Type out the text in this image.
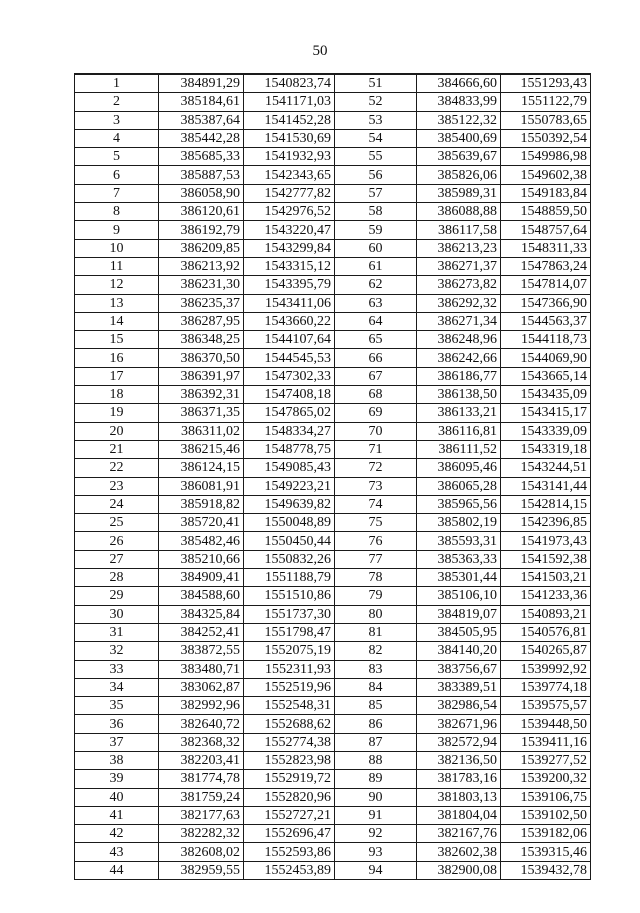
50
1	384891,29	1540823,74	51	384666,60	1551293,43
2	385184,61	1541171,03	52	384833,99	1551122,79
3	385387,64	1541452,28	53	385122,32	1550783,65
4	385442,28	1541530,69	54	385400,69	1550392,54
5	385685,33	1541932,93	55	385639,67	1549986,98
6	385887,53	1542343,65	56	385826,06	1549602,38
7	386058,90	1542777,82	57	385989,31	1549183,84
8	386120,61	1542976,52	58	386088,88	1548859,50
9	386192,79	1543220,47	59	386117,58	1548757,64
10	386209,85	1543299,84	60	386213,23	1548311,33
11	386213,92	1543315,12	61	386271,37	1547863,24
12	386231,30	1543395,79	62	386273,82	1547814,07
13	386235,37	1543411,06	63	386292,32	1547366,90
14	386287,95	1543660,22	64	386271,34	1544563,37
15	386348,25	1544107,64	65	386248,96	1544118,73
16	386370,50	1544545,53	66	386242,66	1544069,90
17	386391,97	1547302,33	67	386186,77	1543665,14
18	386392,31	1547408,18	68	386138,50	1543435,09
19	386371,35	1547865,02	69	386133,21	1543415,17
20	386311,02	1548334,27	70	386116,81	1543339,09
21	386215,46	1548778,75	71	386111,52	1543319,18
22	386124,15	1549085,43	72	386095,46	1543244,51
23	386081,91	1549223,21	73	386065,28	1543141,44
24	385918,82	1549639,82	74	385965,56	1542814,15
25	385720,41	1550048,89	75	385802,19	1542396,85
26	385482,46	1550450,44	76	385593,31	1541973,43
27	385210,66	1550832,26	77	385363,33	1541592,38
28	384909,41	1551188,79	78	385301,44	1541503,21
29	384588,60	1551510,86	79	385106,10	1541233,36
30	384325,84	1551737,30	80	384819,07	1540893,21
31	384252,41	1551798,47	81	384505,95	1540576,81
32	383872,55	1552075,19	82	384140,20	1540265,87
33	383480,71	1552311,93	83	383756,67	1539992,92
34	383062,87	1552519,96	84	383389,51	1539774,18
35	382992,96	1552548,31	85	382986,54	1539575,57
36	382640,72	1552688,62	86	382671,96	1539448,50
37	382368,32	1552774,38	87	382572,94	1539411,16
38	382203,41	1552823,98	88	382136,50	1539277,52
39	381774,78	1552919,72	89	381783,16	1539200,32
40	381759,24	1552820,96	90	381803,13	1539106,75
41	382177,63	1552727,21	91	381804,04	1539102,50
42	382282,32	1552696,47	92	382167,76	1539182,06
43	382608,02	1552593,86	93	382602,38	1539315,46
44	382959,55	1552453,89	94	382900,08	1539432,78
